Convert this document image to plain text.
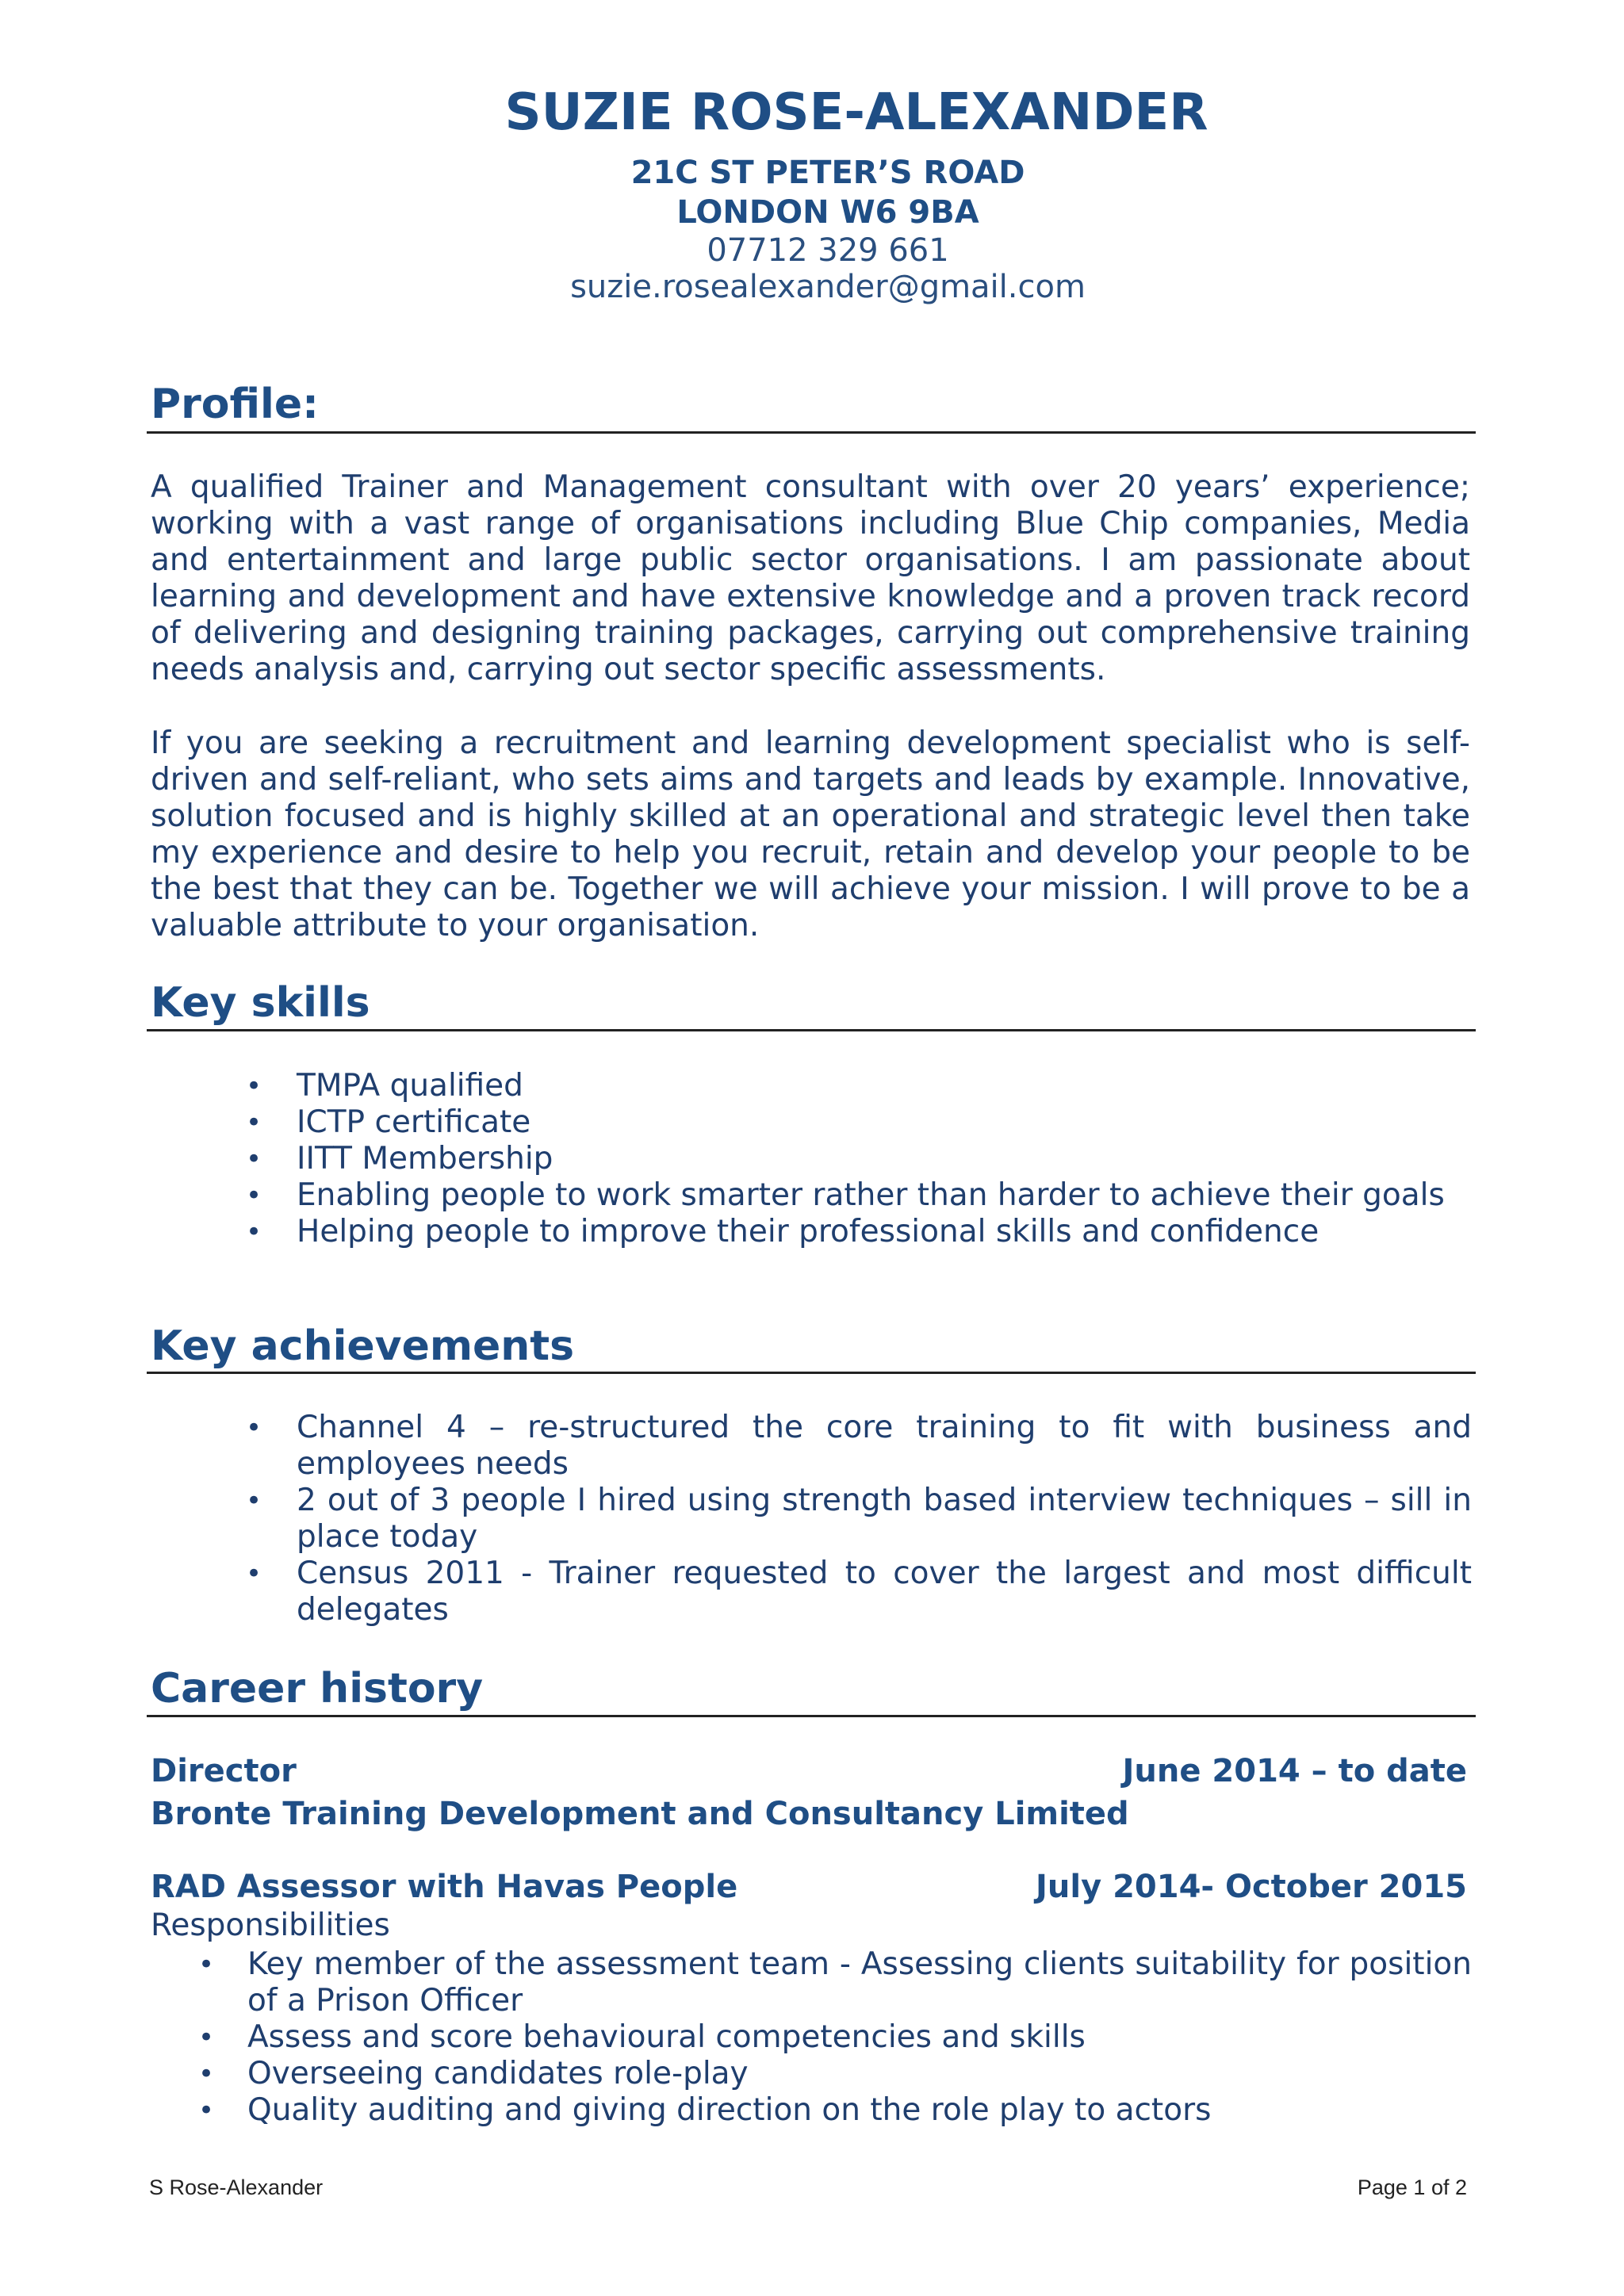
SUZIE ROSE-ALEXANDER
21C ST PETER’S ROAD
LONDON W6 9BA
07712 329 661
suzie.rosealexander@gmail.com
Profile:

A qualified Trainer and Management consultant with over 20 years’ experience; working with a vast range of organisations including Blue Chip companies, Media and entertainment and large public sector organisations. I am passionate about learning and development and have extensive knowledge and a proven track record of delivering and designing training packages, carrying out comprehensive training needs analysis and, carrying out sector specific assessments.

If you are seeking a recruitment and learning development specialist who is self-driven and self-reliant, who sets aims and targets and leads by example. Innovative, solution focused and is highly skilled at an operational and strategic level then take my experience and desire to help you recruit, retain and develop your people to be the best that they can be. Together we will achieve your mission. I will prove to be a valuable attribute to your organisation.

Key skills
• TMPA qualified
• ICTP certificate
• IITT Membership
• Enabling people to work smarter rather than harder to achieve their goals
• Helping people to improve their professional skills and confidence
Key achievements
• Channel 4 – re-structured the core training to fit with business and employees needs
• 2 out of 3 people I hired using strength based interview techniques – sill in place today
• Census 2011 - Trainer requested to cover the largest and most difficult delegates
Career history
Director	June 2014 – to date
Bronte Training Development and Consultancy Limited
RAD Assessor with Havas People	July 2014- October 2015
Responsibilities
• Key member of the assessment team - Assessing clients suitability for position of a Prison Officer
• Assess and score behavioural competencies and skills
• Overseeing candidates role-play
• Quality auditing and giving direction on the role play to actors
S Rose-Alexander	Page 1 of 2
